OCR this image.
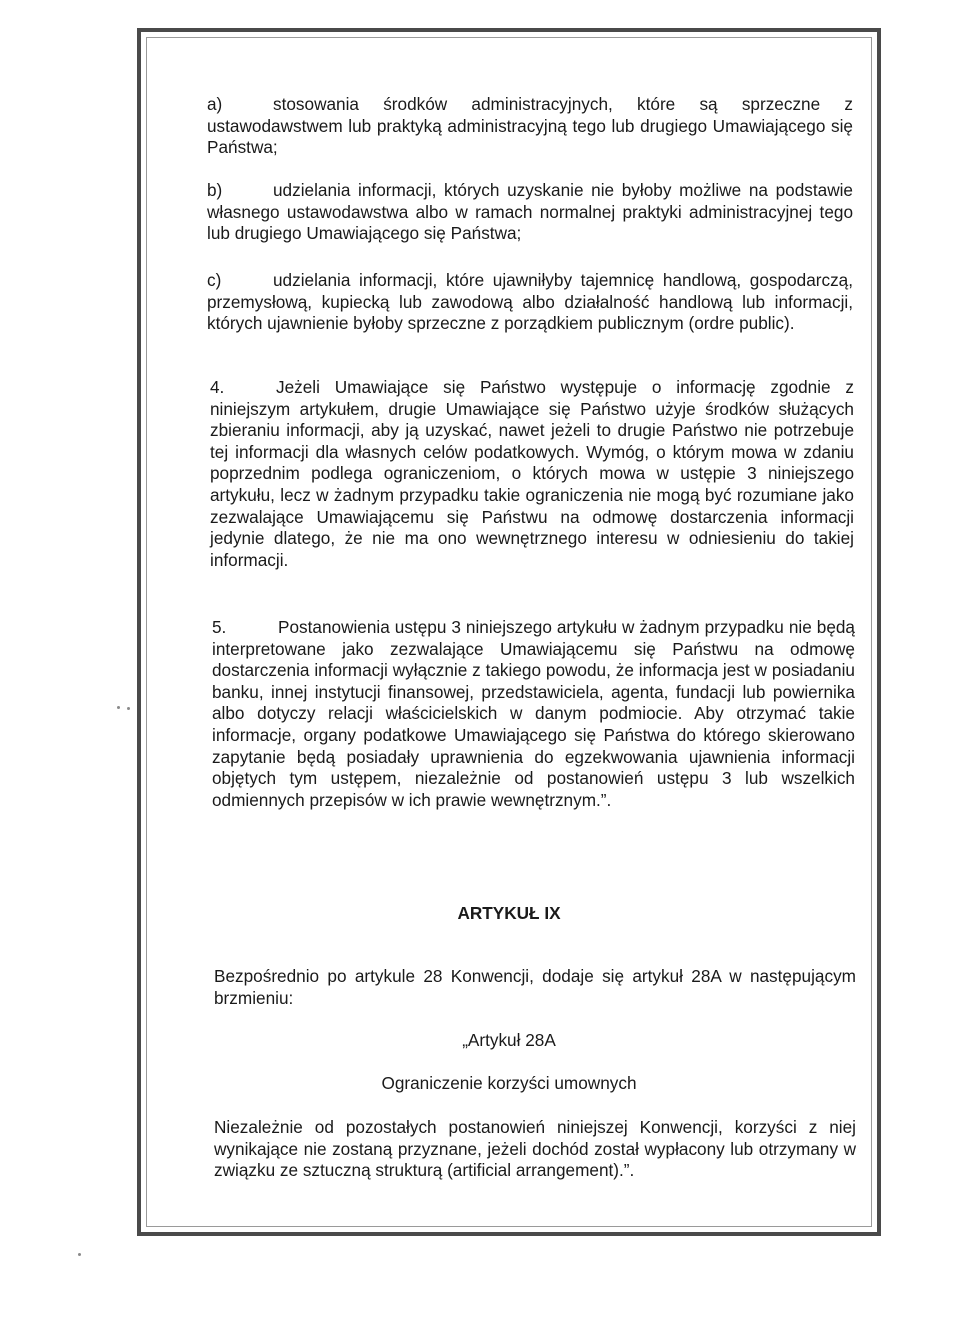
a)	stosowania środków administracyjnych, które są sprzeczne z ustawodawstwem lub praktyką administracyjną tego lub drugiego Umawiającego się Państwa;
b)	udzielania informacji, których uzyskanie nie byłoby możliwe na podstawie własnego ustawodawstwa albo w ramach normalnej praktyki administracyjnej tego lub drugiego Umawiającego się Państwa;
c)	udzielania informacji, które ujawniłyby tajemnicę handlową, gospodarczą, przemysłową, kupiecką lub zawodową albo działalność handlową lub informacji, których ujawnienie byłoby sprzeczne z porządkiem publicznym (ordre public).
4.	Jeżeli Umawiające się Państwo występuje o informację zgodnie z niniejszym artykułem, drugie Umawiające się Państwo użyje środków służących zbieraniu informacji, aby ją uzyskać, nawet jeżeli to drugie Państwo nie potrzebuje tej informacji dla własnych celów podatkowych. Wymóg, o którym mowa w zdaniu poprzednim podlega ograniczeniom, o których mowa w ustępie 3 niniejszego artykułu, lecz w żadnym przypadku takie ograniczenia nie mogą być rozumiane jako zezwalające Umawiającemu się Państwu na odmowę dostarczenia informacji jedynie dlatego, że nie ma ono wewnętrznego interesu w odniesieniu do takiej informacji.
5.	Postanowienia ustępu 3 niniejszego artykułu w żadnym przypadku nie będą interpretowane jako zezwalające Umawiającemu się Państwu na odmowę dostarczenia informacji wyłącznie z takiego powodu, że informacja jest w posiadaniu banku, innej instytucji finansowej, przedstawiciela, agenta, fundacji lub powiernika albo dotyczy relacji właścicielskich w danym podmiocie. Aby otrzymać takie informacje, organy podatkowe Umawiającego się Państwa do którego skierowano zapytanie będą posiadały uprawnienia do egzekwowania ujawnienia informacji objętych tym ustępem, niezależnie od postanowień ustępu 3 lub wszelkich odmiennych przepisów w ich prawie wewnętrznym.”.
ARTYKUŁ IX
Bezpośrednio po artykule 28 Konwencji, dodaje się artykuł 28A w następującym brzmieniu:
„Artykuł 28A
Ograniczenie korzyści umownych
Niezależnie od pozostałych postanowień niniejszej Konwencji, korzyści z niej wynikające nie zostaną przyznane, jeżeli dochód został wypłacony lub otrzymany w związku ze sztuczną strukturą (artificial arrangement).”.
